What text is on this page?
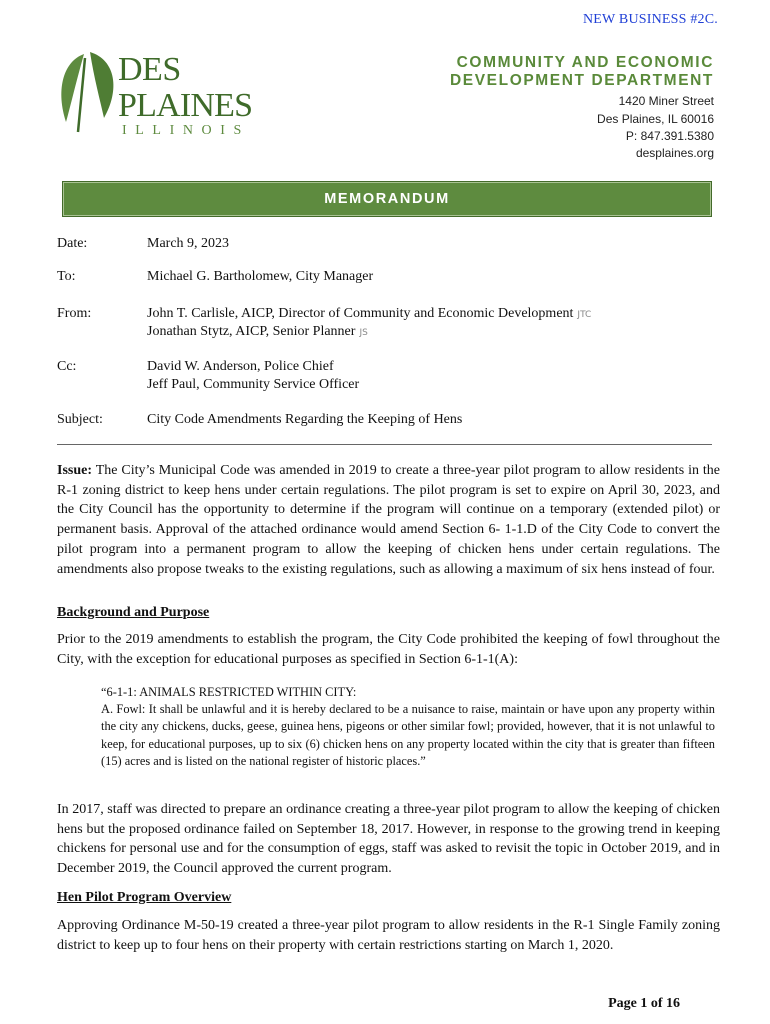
NEW BUSINESS #2C.
DES
PLAINES
ILLINOIS
COMMUNITY AND ECONOMIC
DEVELOPMENT DEPARTMENT
1420 Miner Street
Des Plaines, IL 60016
P: 847.391.5380
desplaines.org
MEMORANDUM
Date:	March 9, 2023
To:	Michael G. Bartholomew, City Manager
From:	John T. Carlisle, AICP, Director of Community and Economic Development JTC
Jonathan Stytz, AICP, Senior Planner JS
Cc:	David W. Anderson, Police Chief
Jeff Paul, Community Service Officer
Subject:	City Code Amendments Regarding the Keeping of Hens
Issue: The City’s Municipal Code was amended in 2019 to create a three-year pilot program to allow residents in the R-1 zoning district to keep hens under certain regulations. The pilot program is set to expire on April 30, 2023, and the City Council has the opportunity to determine if the program will continue on a temporary (extended pilot) or permanent basis. Approval of the attached ordinance would amend Section 6- 1-1.D of the City Code to convert the pilot program into a permanent program to allow the keeping of chicken hens under certain regulations. The amendments also propose tweaks to the existing regulations, such as allowing a maximum of six hens instead of four.
Background and Purpose
Prior to the 2019 amendments to establish the program, the City Code prohibited the keeping of fowl throughout the City, with the exception for educational purposes as specified in Section 6-1-1(A):
“6-1-1: ANIMALS RESTRICTED WITHIN CITY:
A. Fowl: It shall be unlawful and it is hereby declared to be a nuisance to raise, maintain or have upon any property within the city any chickens, ducks, geese, guinea hens, pigeons or other similar fowl; provided, however, that it is not unlawful to keep, for educational purposes, up to six (6) chicken hens on any property located within the city that is greater than fifteen (15) acres and is listed on the national register of historic places.”
In 2017, staff was directed to prepare an ordinance creating a three-year pilot program to allow the keeping of chicken hens but the proposed ordinance failed on September 18, 2017. However, in response to the growing trend in keeping chickens for personal use and for the consumption of eggs, staff was asked to revisit the topic in October 2019, and in December 2019, the Council approved the current program.
Hen Pilot Program Overview
Approving Ordinance M-50-19 created a three-year pilot program to allow residents in the R-1 Single Family zoning district to keep up to four hens on their property with certain restrictions starting on March 1, 2020.
Page 1 of 16
